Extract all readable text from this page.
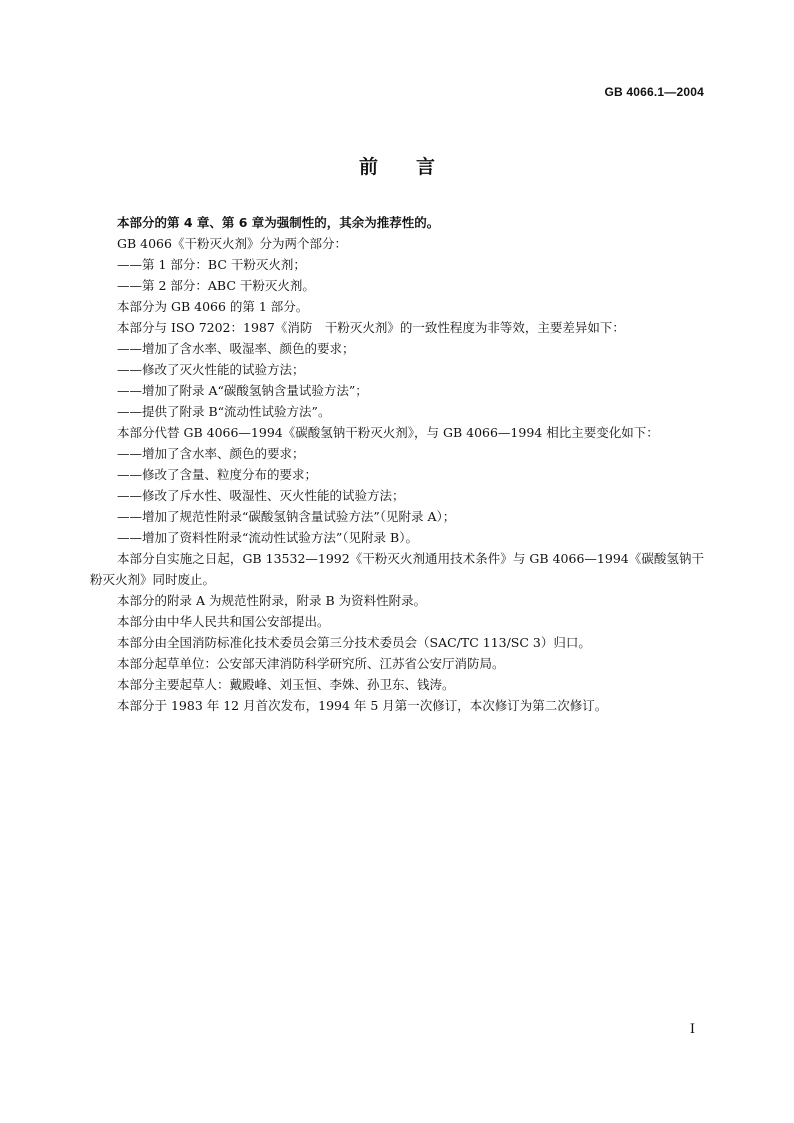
GB 4066.1—2004
前言
本部分的第 4 章、第 6 章为强制性的，其余为推荐性的。
GB 4066《干粉灭火剂》分为两个部分：
——第 1 部分：BC 干粉灭火剂；
——第 2 部分：ABC 干粉灭火剂。
本部分为 GB 4066 的第 1 部分。
本部分与 ISO 7202：1987《消防　干粉灭火剂》的一致性程度为非等效，主要差异如下：
——增加了含水率、吸湿率、颜色的要求；
——修改了灭火性能的试验方法；
——增加了附录 A“碳酸氢钠含量试验方法”；
——提供了附录 B“流动性试验方法”。
本部分代替 GB 4066—1994《碳酸氢钠干粉灭火剂》，与 GB 4066—1994 相比主要变化如下：
——增加了含水率、颜色的要求；
——修改了含量、粒度分布的要求；
——修改了斥水性、吸湿性、灭火性能的试验方法；
——增加了规范性附录“碳酸氢钠含量试验方法”（见附录 A）；
——增加了资料性附录“流动性试验方法”（见附录 B）。
本部分自实施之日起，GB 13532—1992《干粉灭火剂通用技术条件》与 GB 4066—1994《碳酸氢钠干粉灭火剂》同时废止。
本部分的附录 A 为规范性附录，附录 B 为资料性附录。
本部分由中华人民共和国公安部提出。
本部分由全国消防标准化技术委员会第三分技术委员会（SAC/TC 113/SC 3）归口。
本部分起草单位：公安部天津消防科学研究所、江苏省公安厅消防局。
本部分主要起草人：戴殿峰、刘玉恒、李姝、孙卫东、钱涛。
本部分于 1983 年 12 月首次发布，1994 年 5 月第一次修订，本次修订为第二次修订。
I
